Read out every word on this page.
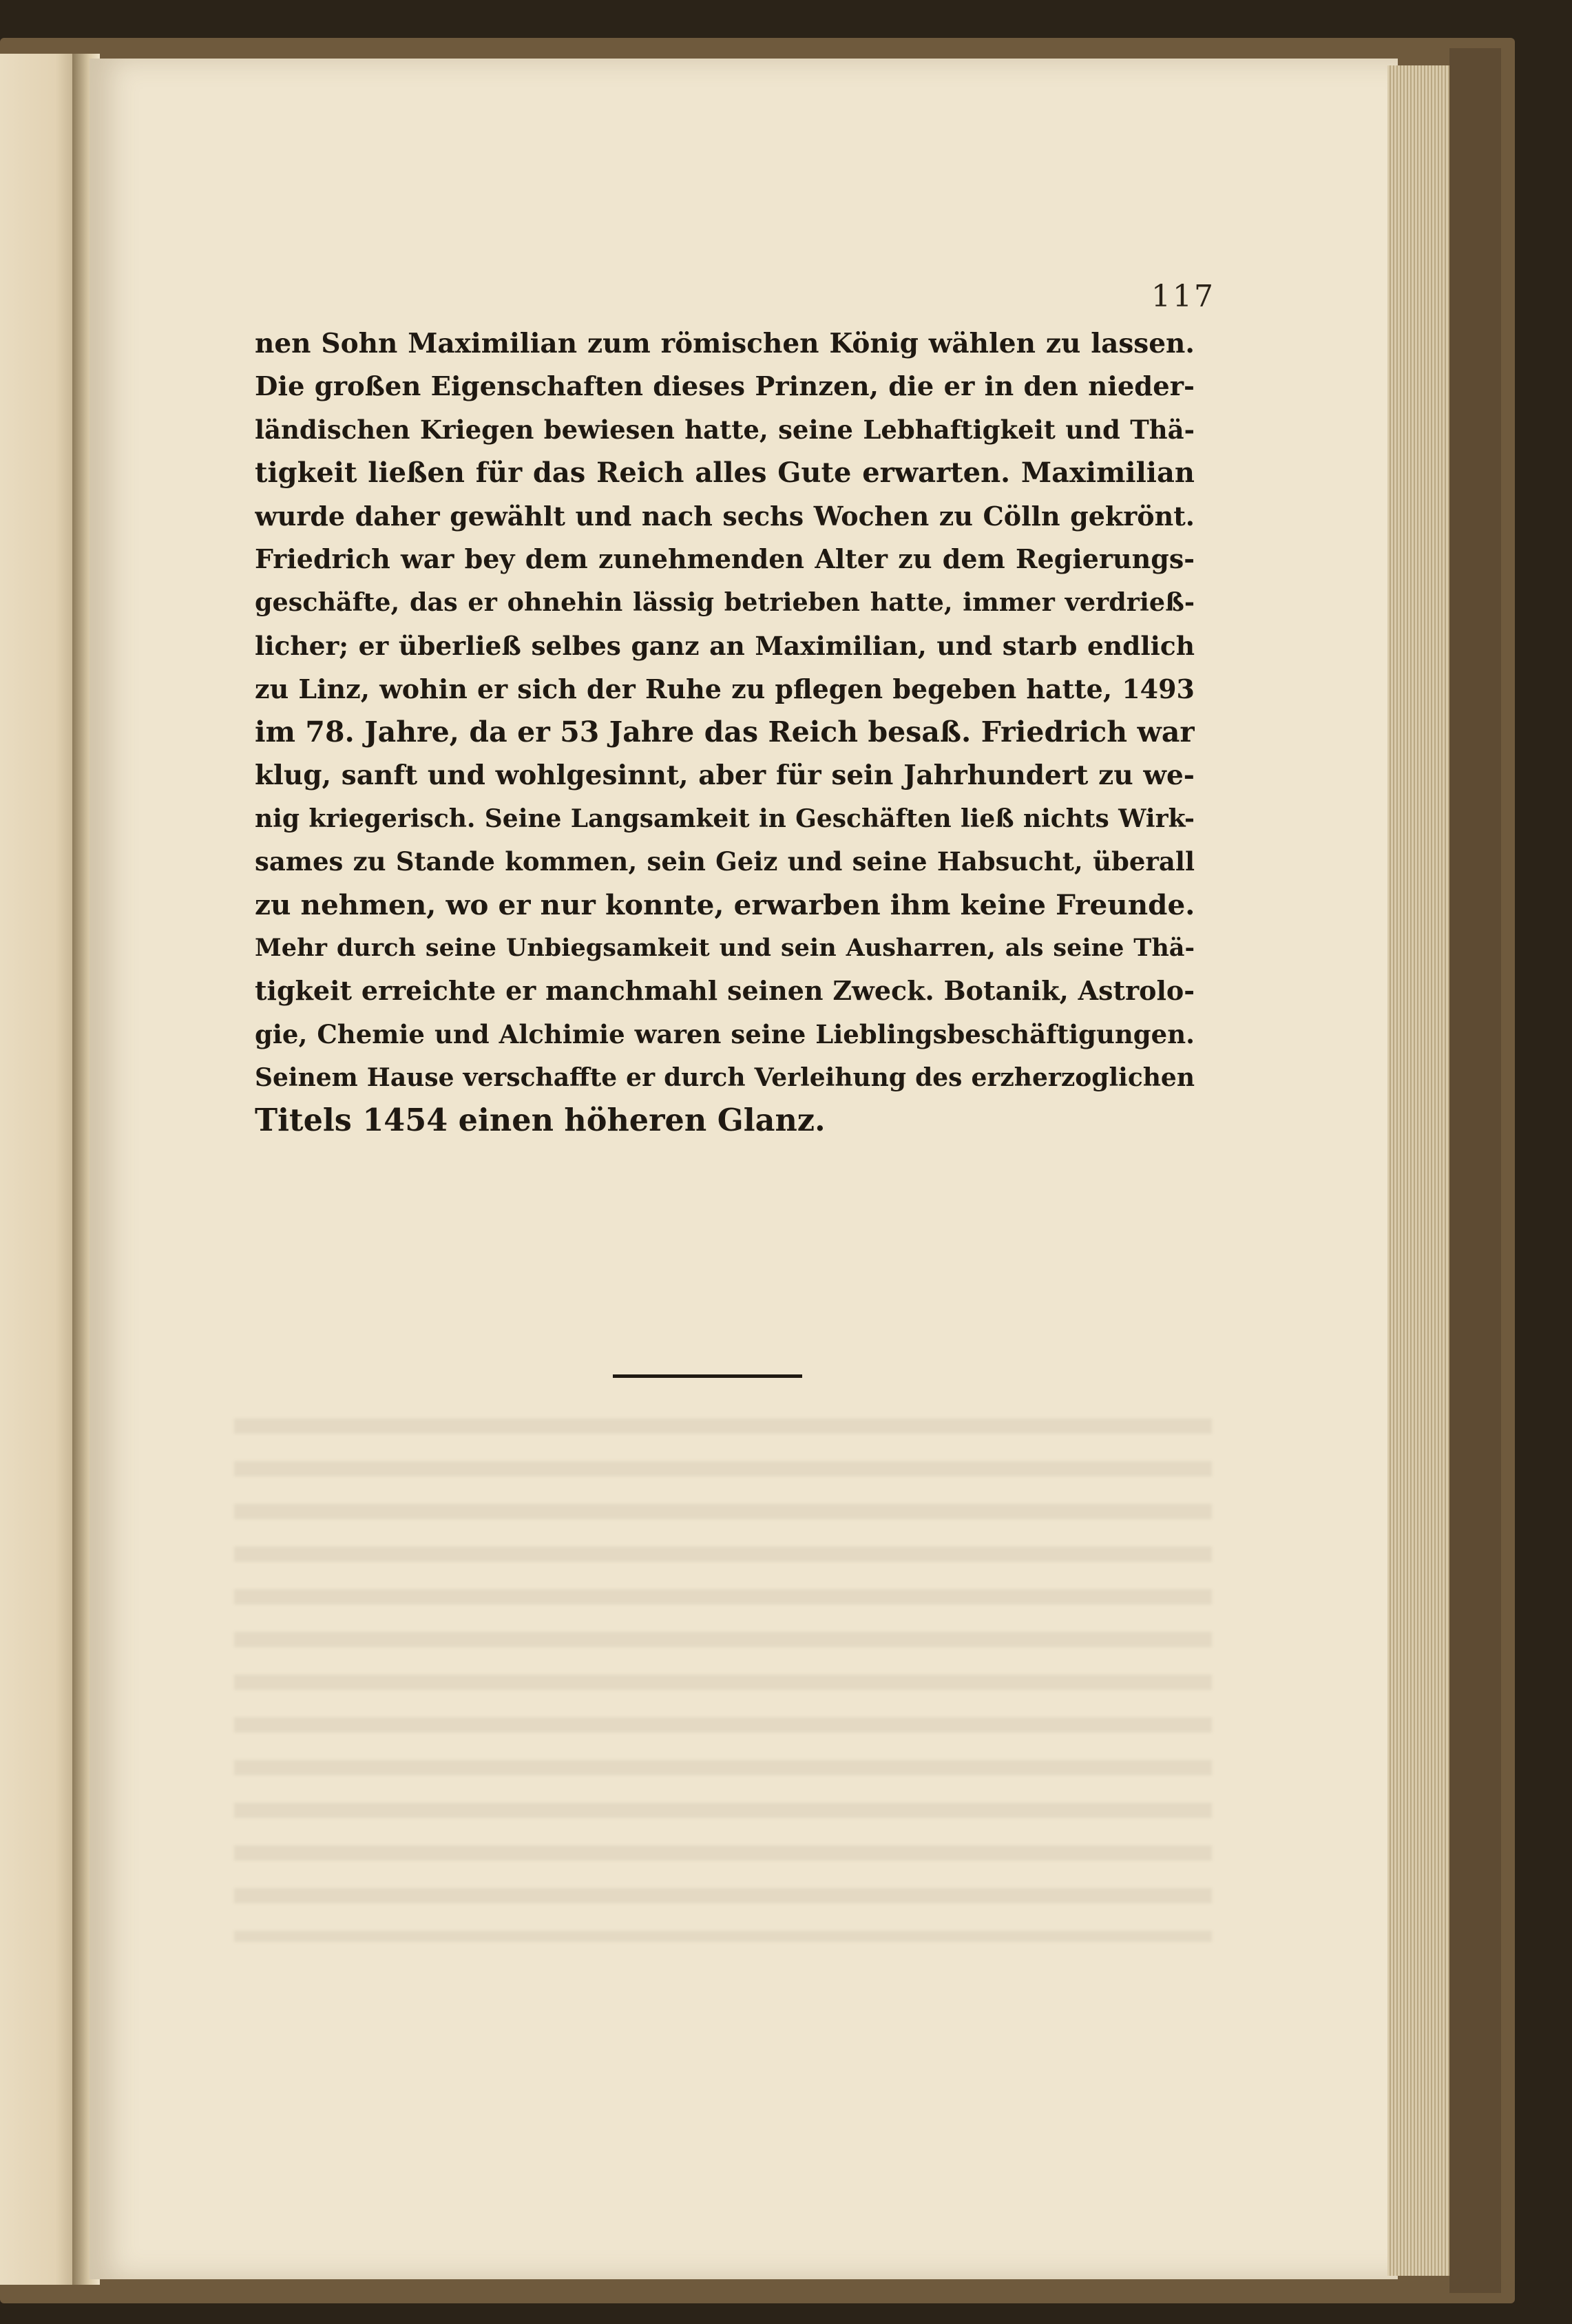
117
nen Sohn Maximilian zum römischen König wählen zu lassen.
Die großen Eigenschaften dieses Prinzen, die er in den nieder-
ländischen Kriegen bewiesen hatte, seine Lebhaftigkeit und Thä-
tigkeit ließen für das Reich alles Gute erwarten. Maximilian
wurde daher gewählt und nach sechs Wochen zu Cölln gekrönt.
Friedrich war bey dem zunehmenden Alter zu dem Regierungs-
geschäfte, das er ohnehin lässig betrieben hatte, immer verdrieß-
licher; er überließ selbes ganz an Maximilian, und starb endlich
zu Linz, wohin er sich der Ruhe zu pflegen begeben hatte, 1493
im 78. Jahre, da er 53 Jahre das Reich besaß. Friedrich war
klug, sanft und wohlgesinnt, aber für sein Jahrhundert zu we-
nig kriegerisch. Seine Langsamkeit in Geschäften ließ nichts Wirk-
sames zu Stande kommen, sein Geiz und seine Habsucht, überall
zu nehmen, wo er nur konnte, erwarben ihm keine Freunde.
Mehr durch seine Unbiegsamkeit und sein Ausharren, als seine Thä-
tigkeit erreichte er manchmahl seinen Zweck. Botanik, Astrolo-
gie, Chemie und Alchimie waren seine Lieblingsbeschäftigungen.
Seinem Hause verschaffte er durch Verleihung des erzherzoglichen
Titels 1454 einen höheren Glanz.
